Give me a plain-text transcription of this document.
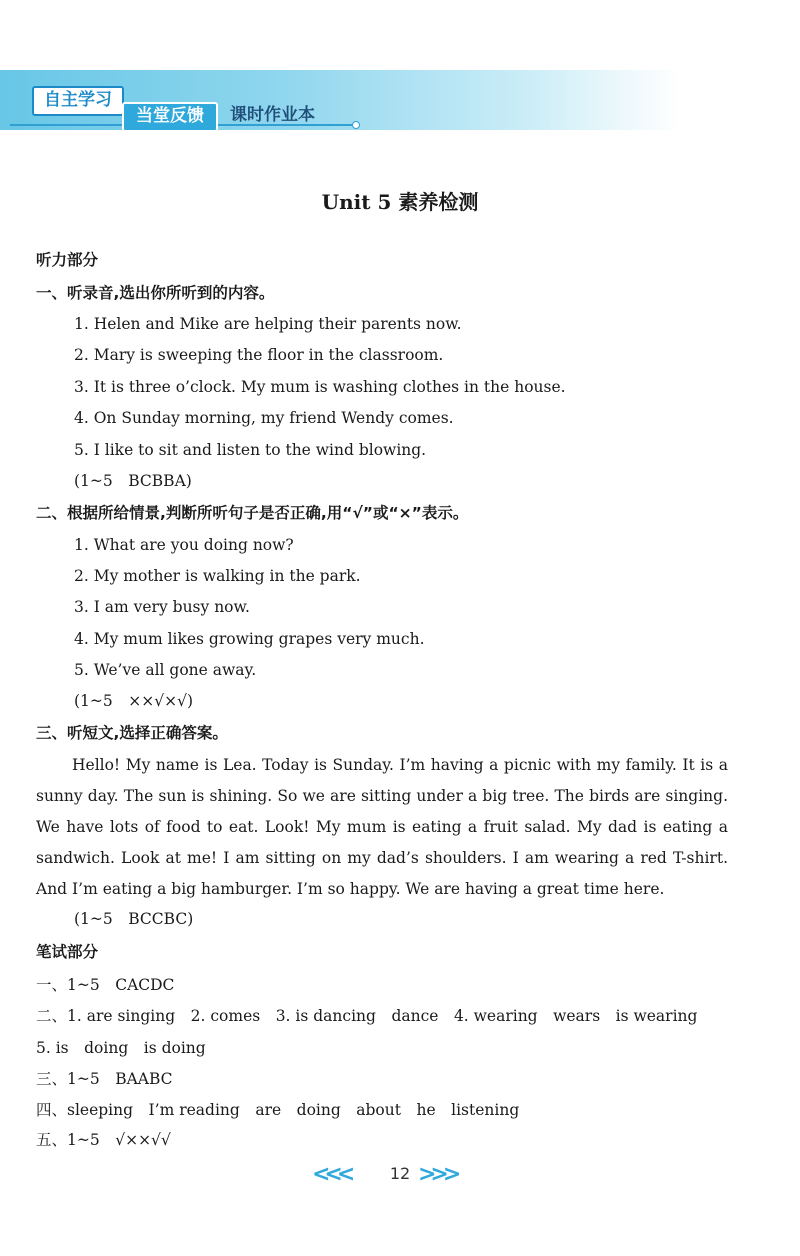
自主学习
当堂反馈	课时作业本
Unit 5 素养检测
听力部分
一、听录音,选出你所听到的内容。
1. Helen and Mike are helping their parents now.
2. Mary is sweeping the floor in the classroom.
3. It is three o’clock. My mum is washing clothes in the house.
4. On Sunday morning, my friend Wendy comes.
5. I like to sit and listen to the wind blowing.
(1~5　BCBBA)
二、根据所给情景,判断所听句子是否正确,用“√”或“×”表示。
1. What are you doing now?
2. My mother is walking in the park.
3. I am very busy now.
4. My mum likes growing grapes very much.
5. We’ve all gone away.
(1~5　××√×√)
三、听短文,选择正确答案。
Hello! My name is Lea. Today is Sunday. I’m having a picnic with my family. It is a sunny day. The sun is shining. So we are sitting under a big tree. The birds are singing. We have lots of food to eat. Look! My mum is eating a fruit salad. My dad is eating a sandwich. Look at me! I am sitting on my dad’s shoulders. I am wearing a red T-shirt. And I’m eating a big hamburger. I’m so happy. We are having a great time here.
(1~5　BCCBC)
笔试部分
一、1~5　CACDC
二、1. are singing　2. comes　3. is dancing　dance　4. wearing　wears　is wearing
5. is　doing　is doing
三、1~5　BAABC
四、sleeping　I’m reading　are　doing　about　he　listening
五、1~5　√××√√
<<<	12 >>>
